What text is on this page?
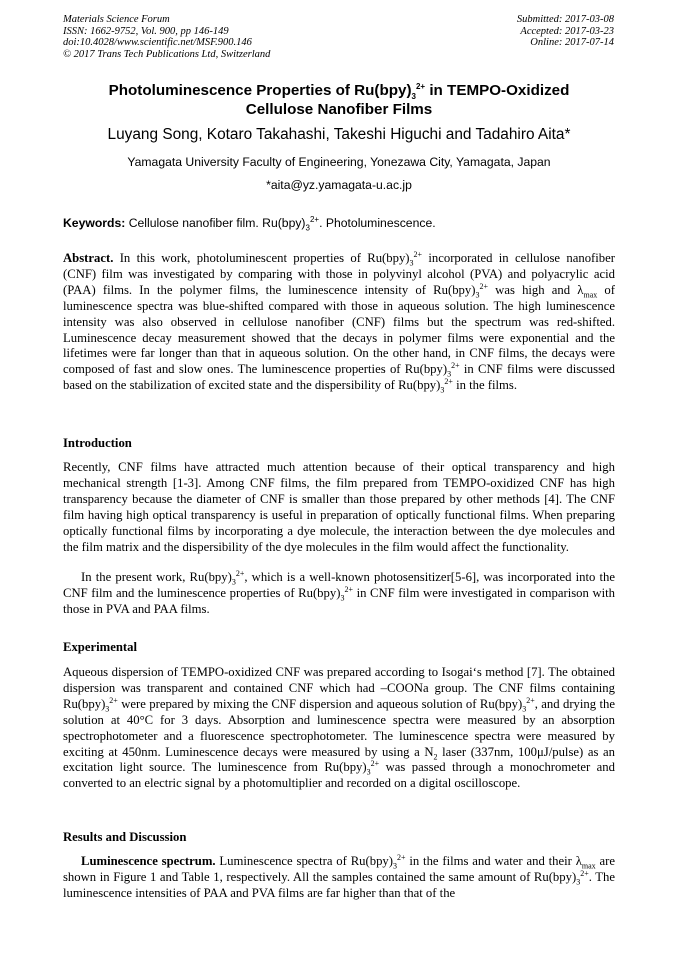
Materials Science Forum
ISSN: 1662-9752, Vol. 900, pp 146-149
doi:10.4028/www.scientific.net/MSF.900.146
© 2017 Trans Tech Publications Ltd, Switzerland
Submitted: 2017-03-08
Accepted: 2017-03-23
Online: 2017-07-14
Photoluminescence Properties of $Ru(bpy)_3^{2+}$ in TEMPO-Oxidized
Cellulose Nanofiber Films
Luyang Song, Kotaro Takahashi, Takeshi Higuchi and Tadahiro Aita*
Yamagata University Faculty of Engineering, Yonezawa City, Yamagata, Japan
*aita@yz.yamagata-u.ac.jp
Keywords: Cellulose nanofiber film. $Ru(bpy)_3^{2+}$. Photoluminescence.
Abstract. In this work, photoluminescent properties of $Ru(bpy)_3^{2+}$ incorporated in cellulose nanofiber (CNF) film was investigated by comparing with those in polyvinyl alcohol (PVA) and polyacrylic acid (PAA) films. In the polymer films, the luminescence intensity of $Ru(bpy)_3^{2+}$ was high and $\lambda_{max}$ of luminescence spectra was blue-shifted compared with those in aqueous solution. The high luminescence intensity was also observed in cellulose nanofiber (CNF) films but the spectrum was red-shifted. Luminescence decay measurement showed that the decays in polymer films were exponential and the lifetimes were far longer than that in aqueous solution. On the other hand, in CNF films, the decays were composed of fast and slow ones. The luminescence properties of $Ru(bpy)_3^{2+}$ in CNF films were discussed based on the stabilization of excited state and the dispersibility of $Ru(bpy)_3^{2+}$ in the films.
Introduction
Recently, CNF films have attracted much attention because of their optical transparency and high mechanical strength [1-3]. Among CNF films, the film prepared from TEMPO-oxidized CNF has high transparency because the diameter of CNF is smaller than those prepared by other methods [4]. The CNF film having high optical transparency is useful in preparation of optically functional films. When preparing optically functional films by incorporating a dye molecule, the interaction between the dye molecules and the film matrix and the dispersibility of the dye molecules in the film would affect the functionality.
In the present work, $Ru(bpy)_3^{2+}$, which is a well-known photosensitizer[5-6], was incorporated into the CNF film and the luminescence properties of $Ru(bpy)_3^{2+}$ in CNF film were investigated in comparison with those in PVA and PAA films.
Experimental
Aqueous dispersion of TEMPO-oxidized CNF was prepared according to Isogai‘s method [7]. The obtained dispersion was transparent and contained CNF which had –COONa group. The CNF films containing $Ru(bpy)_3^{2+}$ were prepared by mixing the CNF dispersion and aqueous solution of $Ru(bpy)_3^{2+}$, and drying the solution at 40°C for 3 days. Absorption and luminescence spectra were measured by an absorption spectrophotometer and a fluorescence spectrophotometer. The luminescence spectra were measured by exciting at 450nm. Luminescence decays were measured by using a $N_2$ laser (337nm, 100μJ/pulse) as an excitation light source. The luminescence from $Ru(bpy)_3^{2+}$ was passed through a monochrometer and converted to an electric signal by a photomultiplier and recorded on a digital oscilloscope.
Results and Discussion
Luminescence spectrum. Luminescence spectra of $Ru(bpy)_3^{2+}$ in the films and water and their $\lambda_{max}$ are shown in Figure 1 and Table 1, respectively. All the samples contained the same amount of $Ru(bpy)_3^{2+}$. The luminescence intensities of PAA and PVA films are far higher than that of the
